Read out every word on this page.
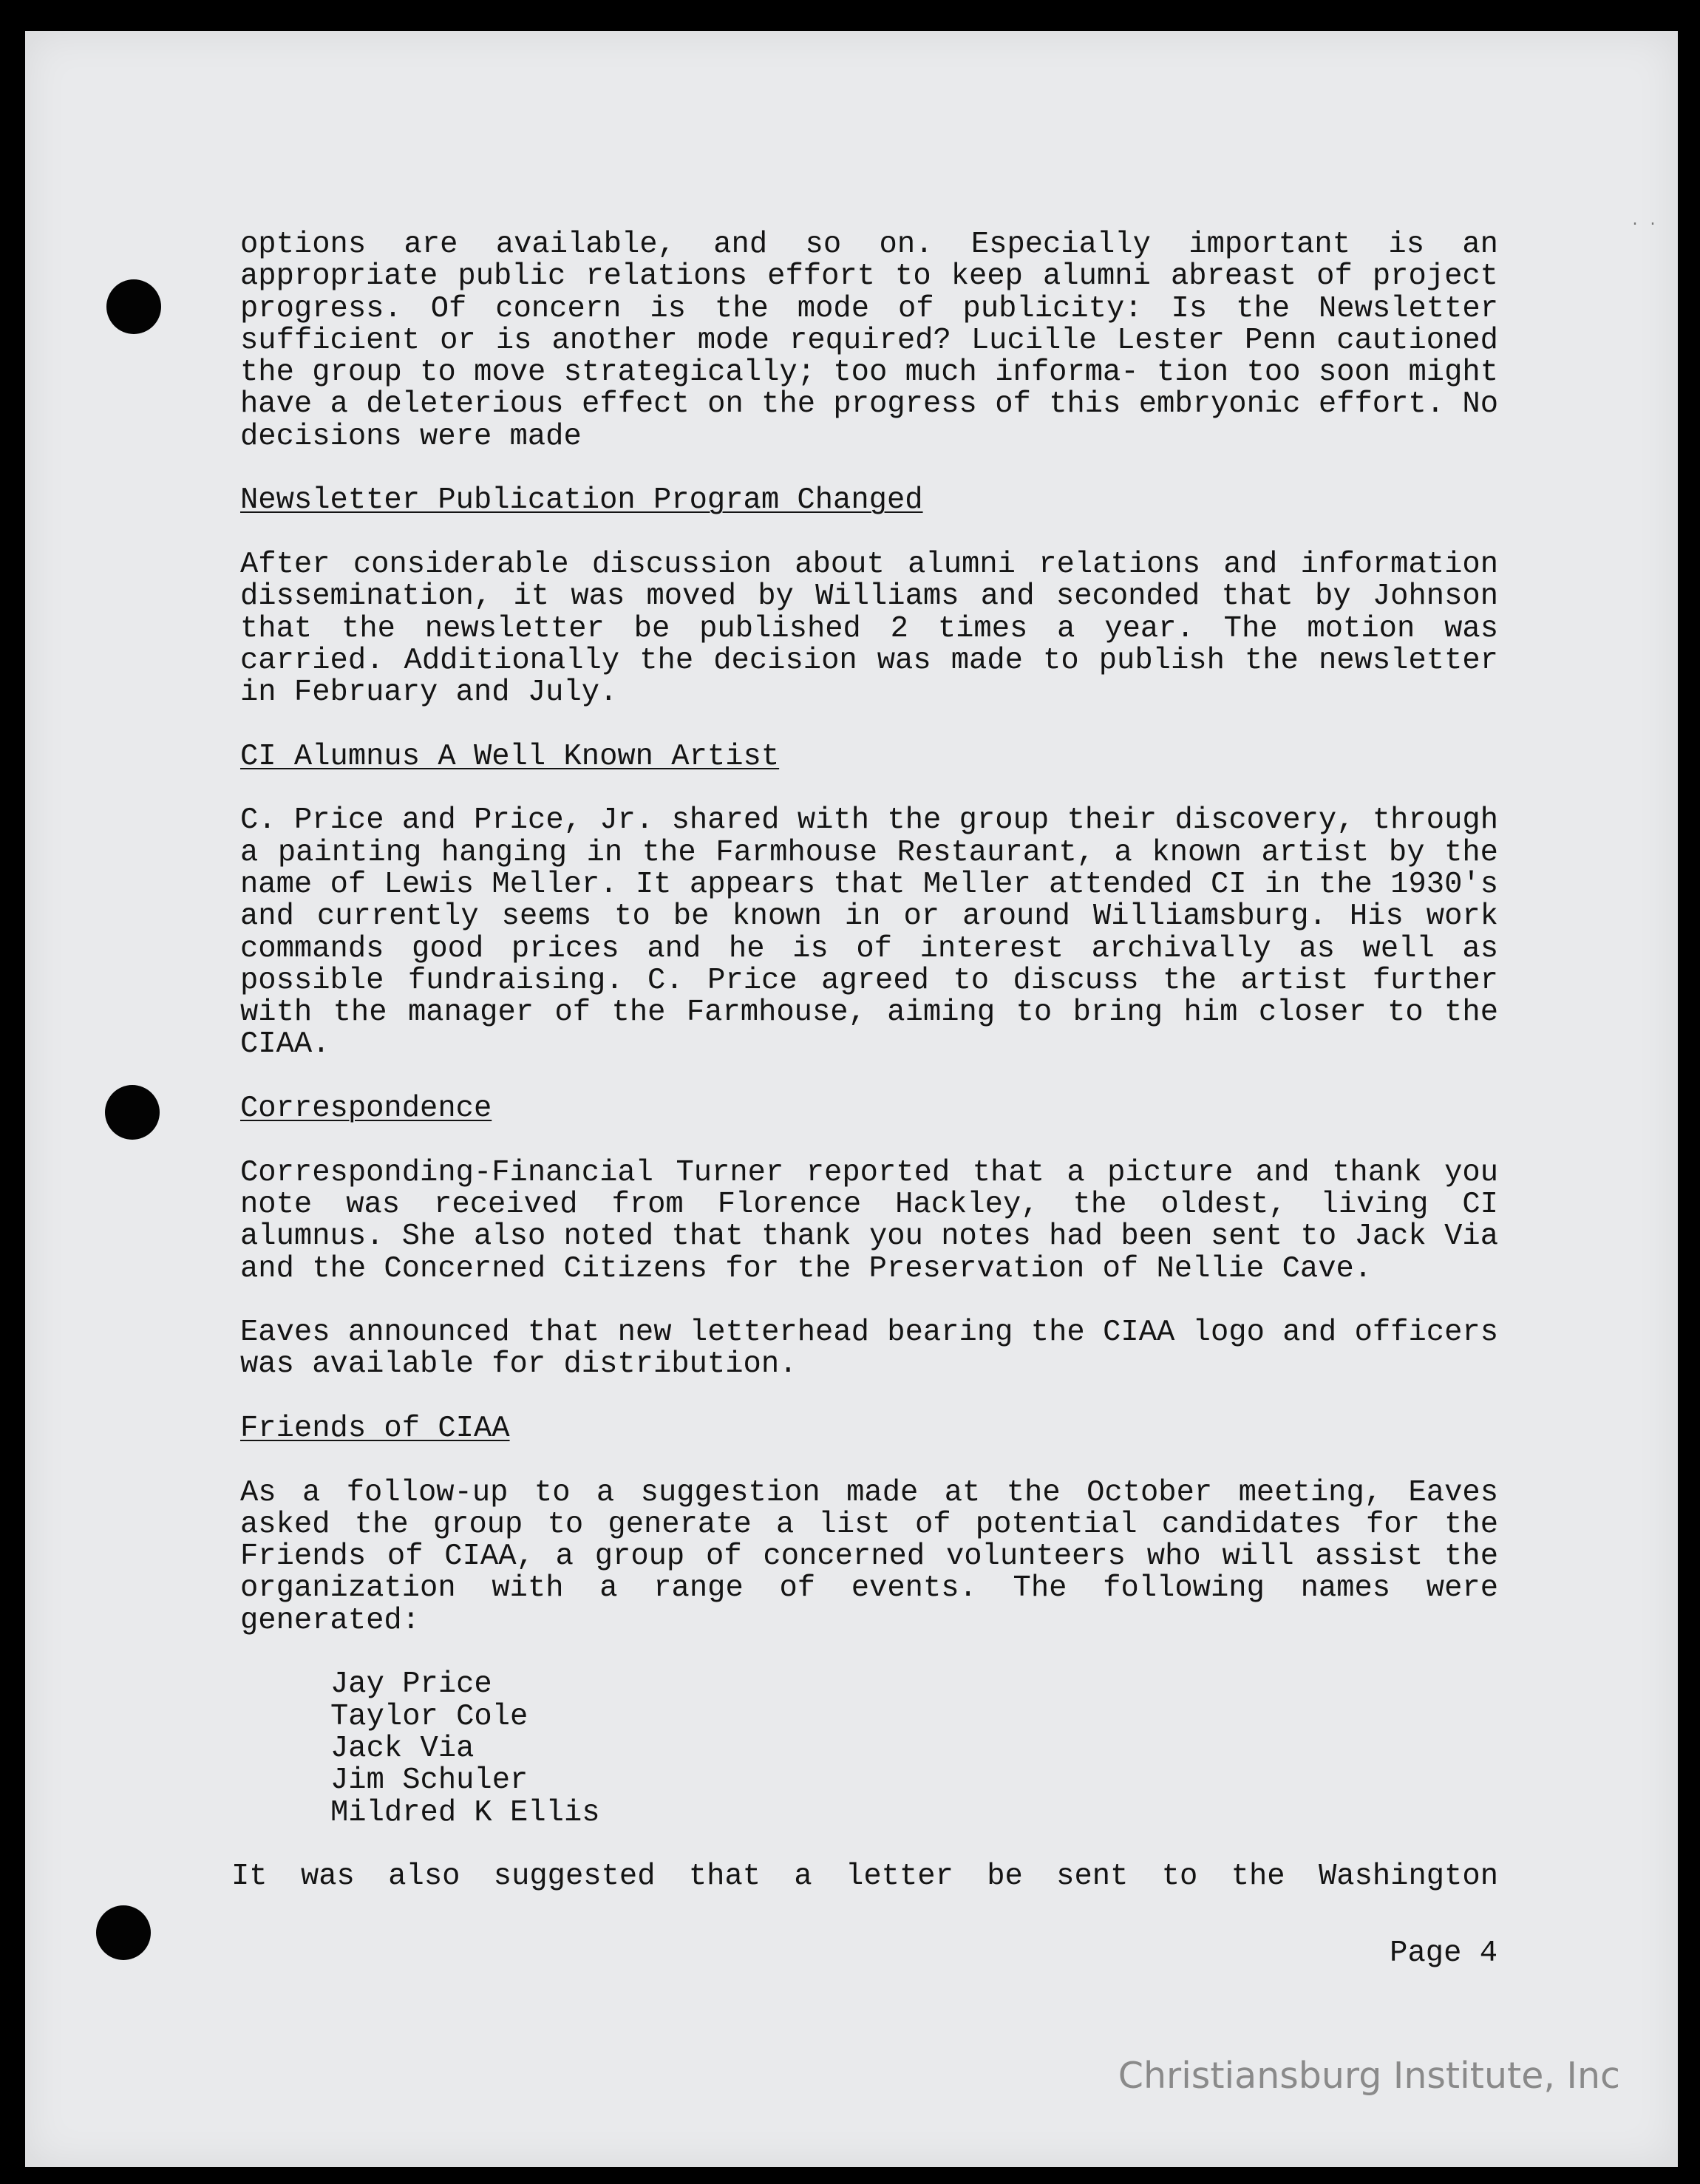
. .

options are available, and so on. Especially important is an appropriate public relations effort to keep alumni abreast of project progress. Of concern is the mode of publicity: Is the Newsletter sufficient or is another mode required? Lucille Lester Penn cautioned the group to move strategically; too much informa- tion too soon might have a deleterious effect on the progress of this embryonic effort. No decisions were made

Newsletter Publication Program Changed

After considerable discussion about alumni relations and information dissemination, it was moved by Williams and seconded that by Johnson that the newsletter be published 2 times a year. The motion was carried. Additionally the decision was made to publish the newsletter in February and July.

CI Alumnus A Well Known Artist

C. Price and Price, Jr. shared with the group their discovery, through a painting hanging in the Farmhouse Restaurant, a known artist by the name of Lewis Meller. It appears that Meller attended CI in the 1930's and currently seems to be known in or around Williamsburg. His work commands good prices and he is of interest archivally as well as possible fundraising. C. Price agreed to discuss the artist further with the manager of the Farmhouse, aiming to bring him closer to the CIAA.

Correspondence

Corresponding-Financial Turner reported that a picture and thank you note was received from Florence Hackley, the oldest, living CI alumnus. She also noted that thank you notes had been sent to Jack Via and the Concerned Citizens for the Preservation of Nellie Cave.

Eaves announced that new letterhead bearing the CIAA logo and officers was available for distribution.

Friends of CIAA

As a follow-up to a suggestion made at the October meeting, Eaves asked the group to generate a list of potential candidates for the Friends of CIAA, a group of concerned volunteers who will assist the organization with a range of events. The following names were generated:

Jay Price
Taylor Cole
Jack Via
Jim Schuler
Mildred K Ellis

It was also suggested that a letter be sent to the Washington

Page 4
Christiansburg Institute, Inc
